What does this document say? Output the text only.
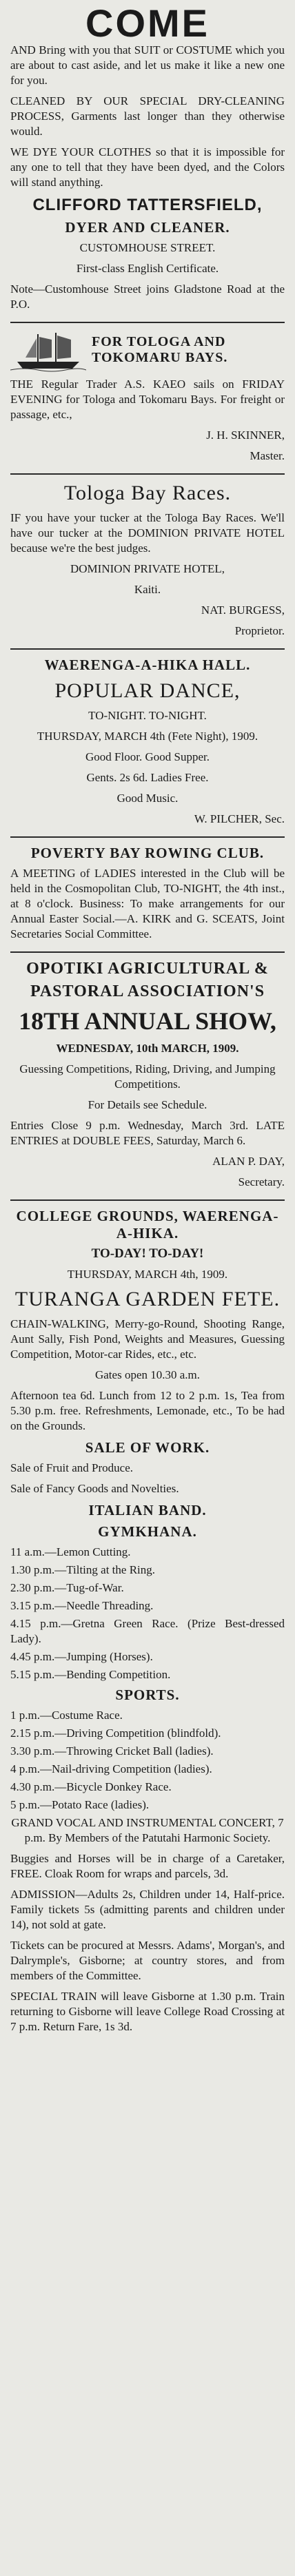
COME

AND Bring with you that SUIT or COSTUME which you are about to cast aside, and let us make it like a new one for you.

CLEANED BY OUR SPECIAL DRY-CLEANING PROCESS, Garments last longer than they otherwise would.

WE DYE YOUR CLOTHES so that it is impossible for any one to tell that they have been dyed, and the Colors will stand anything.

CLIFFORD TATTERSFIELD,
DYER AND CLEANER.

CUSTOMHOUSE STREET.

First-class English Certificate.

Note—Customhouse Street joins Gladstone Road at the P.O.

FOR TOLOGA AND TOKOMARU BAYS.

THE Regular Trader A.S. KAEO sails on FRIDAY EVENING for Tologa and Tokomaru Bays. For freight or passage, etc.,

J. H. SKINNER,

Master.

Tologa Bay Races.

IF you have your tucker at the Tologa Bay Races. We'll have our tucker at the DOMINION PRIVATE HOTEL because we're the best judges.

DOMINION PRIVATE HOTEL,

Kaiti.

NAT. BURGESS,

Proprietor.

WAERENGA-A-HIKA HALL.
POPULAR DANCE,

TO-NIGHT. TO-NIGHT.

THURSDAY, MARCH 4th (Fete Night), 1909.

Good Floor. Good Supper.

Gents. 2s 6d. Ladies Free.

Good Music.

W. PILCHER, Sec.

POVERTY BAY ROWING CLUB.

A MEETING of LADIES interested in the Club will be held in the Cosmopolitan Club, TO-NIGHT, the 4th inst., at 8 o'clock. Business: To make arrangements for our Annual Easter Social.—A. KIRK and G. SCEATS, Joint Secretaries Social Committee.

OPOTIKI AGRICULTURAL &
PASTORAL ASSOCIATION'S
18TH ANNUAL SHOW,

WEDNESDAY, 10th MARCH, 1909.

Guessing Competitions, Riding, Driving, and Jumping Competitions.

For Details see Schedule.

Entries Close 9 p.m. Wednesday, March 3rd. LATE ENTRIES at DOUBLE FEES, Saturday, March 6.

ALAN P. DAY,

Secretary.

COLLEGE GROUNDS, WAERENGA-A-HIKA.

TO-DAY! TO-DAY!

THURSDAY, MARCH 4th, 1909.

TURANGA GARDEN FETE.

CHAIN-WALKING, Merry-go-Round, Shooting Range, Aunt Sally, Fish Pond, Weights and Measures, Guessing Competition, Motor-car Rides, etc., etc.

Gates open 10.30 a.m.

Afternoon tea 6d. Lunch from 12 to 2 p.m. 1s, Tea from 5.30 p.m. free. Refreshments, Lemonade, etc., To be had on the Grounds.

SALE OF WORK.

Sale of Fruit and Produce.

Sale of Fancy Goods and Novelties.

ITALIAN BAND.
GYMKHANA.

11 a.m.—Lemon Cutting.

1.30 p.m.—Tilting at the Ring.

2.30 p.m.—Tug-of-War.

3.15 p.m.—Needle Threading.

4.15 p.m.—Gretna Green Race. (Prize Best-dressed Lady).

4.45 p.m.—Jumping (Horses).

5.15 p.m.—Bending Competition.

SPORTS.

1 p.m.—Costume Race.

2.15 p.m.—Driving Competition (blindfold).

3.30 p.m.—Throwing Cricket Ball (ladies).

4 p.m.—Nail-driving Competition (ladies).

4.30 p.m.—Bicycle Donkey Race.

5 p.m.—Potato Race (ladies).

GRAND VOCAL AND INSTRUMENTAL CONCERT, 7 p.m. By Members of the Patutahi Harmonic Society.

Buggies and Horses will be in charge of a Caretaker, FREE. Cloak Room for wraps and parcels, 3d.

ADMISSION—Adults 2s, Children under 14, Half-price. Family tickets 5s (admitting parents and children under 14), not sold at gate.

Tickets can be procured at Messrs. Adams', Morgan's, and Dalrymple's, Gisborne; at country stores, and from members of the Committee.

SPECIAL TRAIN will leave Gisborne at 1.30 p.m. Train returning to Gisborne will leave College Road Crossing at 7 p.m. Return Fare, 1s 3d.
